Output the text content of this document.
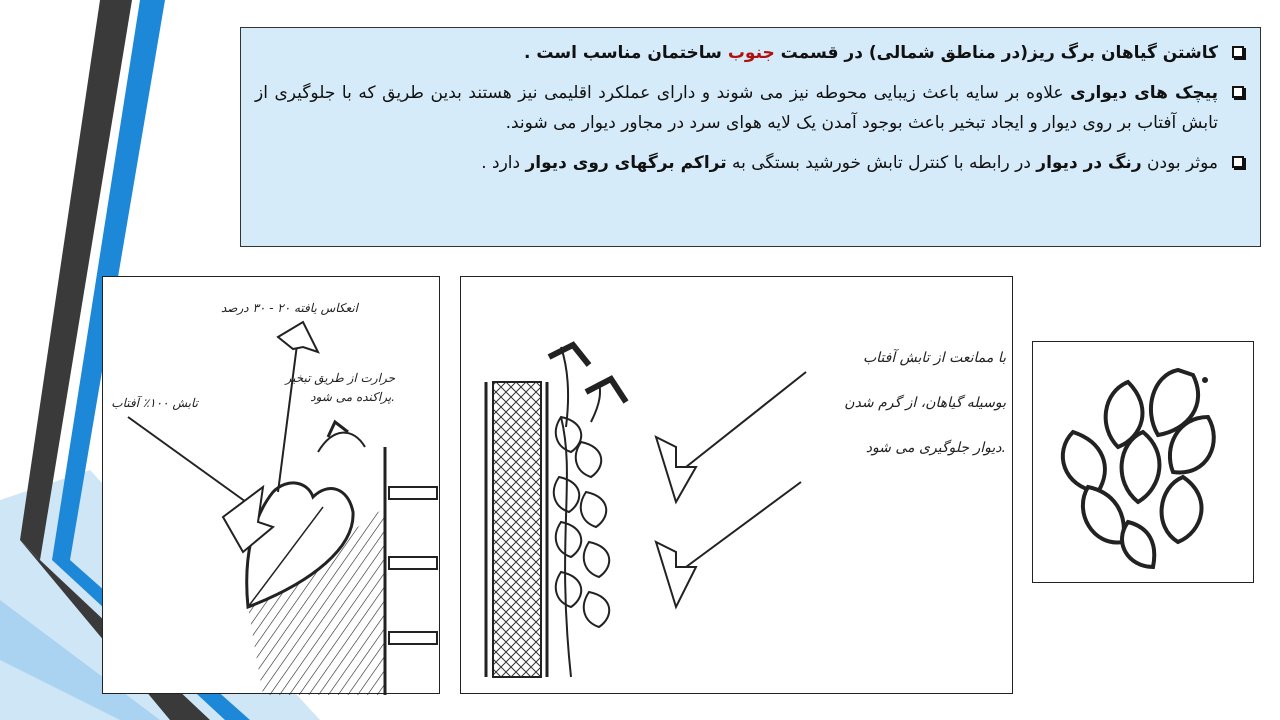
کاشتن گیاهان برگ ریز(در مناطق شمالی) در قسمت جنوب ساختمان مناسب است .
پیچک های دیواری علاوه بر سایه باعث زیبایی محوطه نیز می شوند و دارای عملکرد اقلیمی نیز هستند بدین طریق که با جلوگیری از تابش آفتاب بر روی دیوار و ایجاد تبخیر باعث بوجود آمدن یک لایه هوای سرد در مجاور دیوار می شوند.
موثر بودن رنگ در دیوار در رابطه با کنترل تابش خورشید بستگی به تراکم برگهای روی دیوار دارد .
انعکاس یافته ۲۰ - ۳۰ درصد
تابش ۱۰۰٪ آفتاب
حرارت از طریق تبخیر
پراکنده می شود.
با ممانعت از تابش آفتاب
بوسیله گیاهان، از گرم شدن
دیوار جلوگیری می شود.
